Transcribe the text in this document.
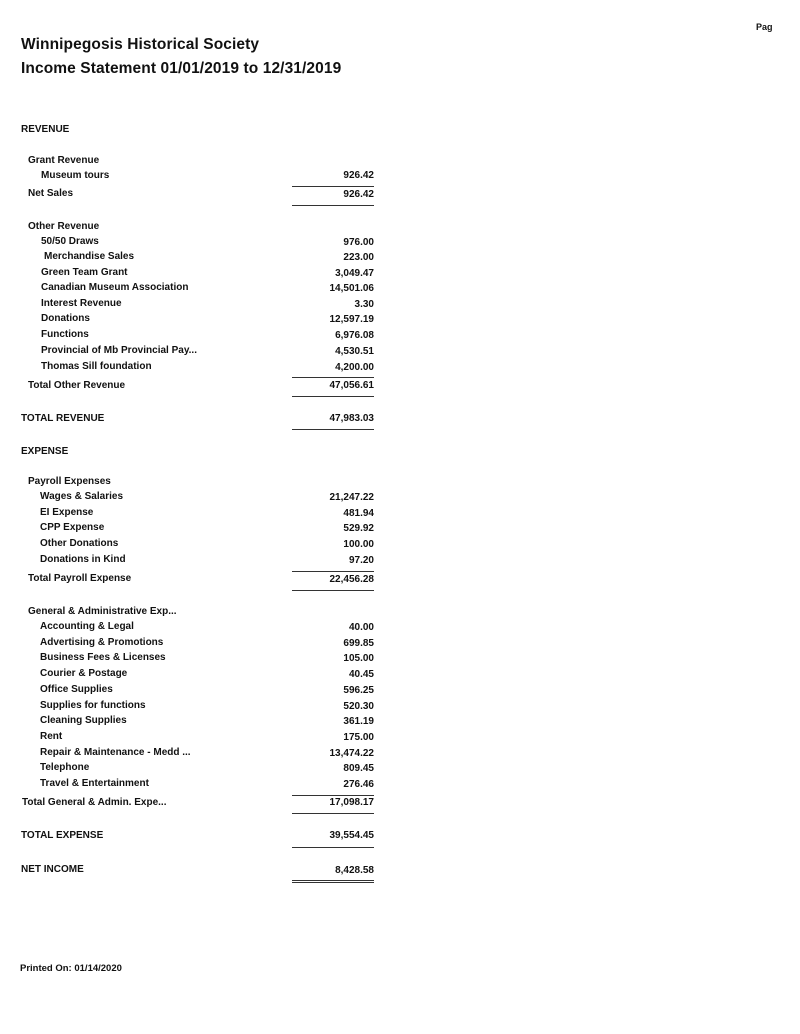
Pag
Winnipegosis Historical Society
Income Statement 01/01/2019 to 12/31/2019
REVENUE
Grant Revenue
Museum tours	926.42
Net Sales	926.42
Other Revenue
50/50 Draws	976.00
Merchandise Sales	223.00
Green Team Grant	3,049.47
Canadian Museum Association	14,501.06
Interest Revenue	3.30
Donations	12,597.19
Functions	6,976.08
Provincial of Mb Provincial Pay...	4,530.51
Thomas Sill foundation	4,200.00
Total Other Revenue	47,056.61
TOTAL REVENUE	47,983.03
EXPENSE
Payroll Expenses
Wages & Salaries	21,247.22
EI Expense	481.94
CPP Expense	529.92
Other Donations	100.00
Donations in Kind	97.20
Total Payroll Expense	22,456.28
General & Administrative Exp...
Accounting & Legal	40.00
Advertising & Promotions	699.85
Business Fees & Licenses	105.00
Courier & Postage	40.45
Office Supplies	596.25
Supplies for functions	520.30
Cleaning Supplies	361.19
Rent	175.00
Repair & Maintenance - Medd ...	13,474.22
Telephone	809.45
Travel & Entertainment	276.46
Total General & Admin. Expe...	17,098.17
TOTAL EXPENSE	39,554.45
NET INCOME	8,428.58
Printed On: 01/14/2020
